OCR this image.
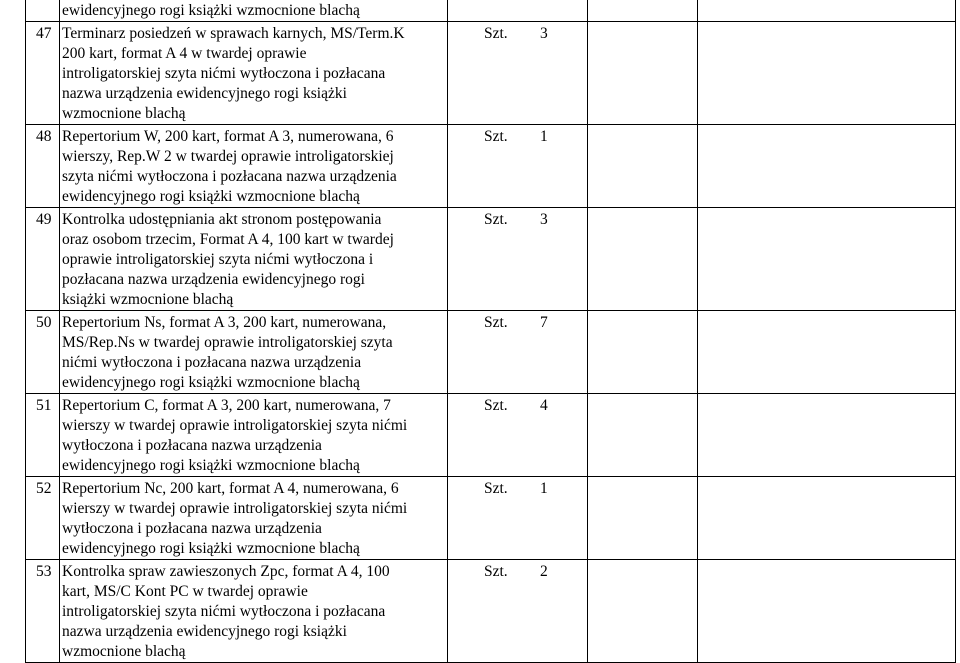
	ewidencyjnego rogi książki wzmocnione blachą			

47	Terminarz posiedzeń w sprawach karnych, MS/Term.K
200 kart, format A 4 w twardej oprawie
introligatorskiej szyta nićmi wytłoczona i pozłacana
nazwa urządzenia ewidencyjnego rogi książki
wzmocnione blachą	Szt. 3		
48	Repertorium W, 200 kart, format A 3, numerowana, 6
wierszy, Rep.W 2 w twardej oprawie introligatorskiej
szyta nićmi wytłoczona i pozłacana nazwa urządzenia
ewidencyjnego rogi książki wzmocnione blachą	Szt. 1		
49	Kontrolka udostępniania akt stronom postępowania
oraz osobom trzecim, Format A 4, 100 kart w twardej
oprawie introligatorskiej szyta nićmi wytłoczona i
pozłacana nazwa urządzenia ewidencyjnego rogi
książki wzmocnione blachą	Szt. 3		
50	Repertorium Ns, format A 3, 200 kart, numerowana,
MS/Rep.Ns w twardej oprawie introligatorskiej szyta
nićmi wytłoczona i pozłacana nazwa urządzenia
ewidencyjnego rogi książki wzmocnione blachą	Szt. 7		
51	Repertorium C, format A 3, 200 kart, numerowana, 7
wierszy w twardej oprawie introligatorskiej szyta nićmi
wytłoczona i pozłacana nazwa urządzenia
ewidencyjnego rogi książki wzmocnione blachą	Szt. 4		
52	Repertorium Nc, 200 kart, format A 4, numerowana, 6
wierszy w twardej oprawie introligatorskiej szyta nićmi
wytłoczona i pozłacana nazwa urządzenia
ewidencyjnego rogi książki wzmocnione blachą	Szt. 1		
53	Kontrolka spraw zawieszonych Zpc, format A 4, 100
kart, MS/C Kont PC w twardej oprawie
introligatorskiej szyta nićmi wytłoczona i pozłacana
nazwa urządzenia ewidencyjnego rogi książki
wzmocnione blachą	Szt. 2		
